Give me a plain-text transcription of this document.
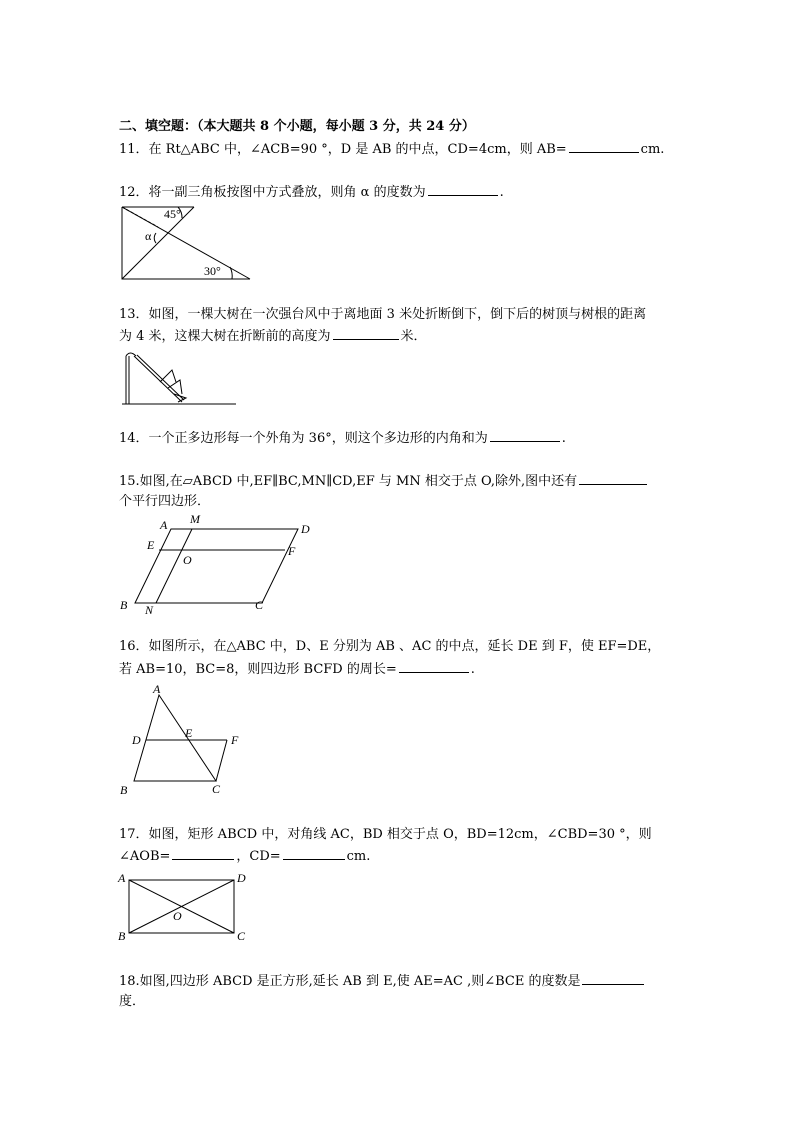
二、填空题：（本大题共 8 个小题，每小题 3 分，共 24 分）

11．在 Rt△ABC 中，∠ACB=90 °，D 是 AB 的中点，CD=4cm，则 AB=	cm.

12．将一副三角板按图中方式叠放，则角 α 的度数为	.

45°
α
30°

13．如图，一棵大树在一次强台风中于离地面 3 米处折断倒下，倒下后的树顶与树根的距离

为 4 米，这棵大树在折断前的高度为	米．

14．一个正多边形每一个外角为 36°，则这个多边形的内角和为	.

15.如图,在▱ABCD 中,EF∥BC,MN∥CD,EF 与 MN 相交于点 O,除外,图中还有

个平行四边形．

A M
D
E
O
F
B N	C

16．如图所示，在△ABC 中，D、E 分别为 AB 、AC 的中点，延长 DE 到 F，使 EF=DE，

若 AB=10，BC=8，则四边形 BCFD 的周长=	.

A
D	E	F
B	C

17．如图，矩形 ABCD 中，对角线 AC，BD 相交于点 O，BD=12cm，∠CBD=30 °，则

∠AOB=	，CD=	cm.

A	D
O
B	C

18.如图,四边形 ABCD 是正方形,延长 AB 到 E,使 AE=AC ,则∠BCE 的度数是

度．
